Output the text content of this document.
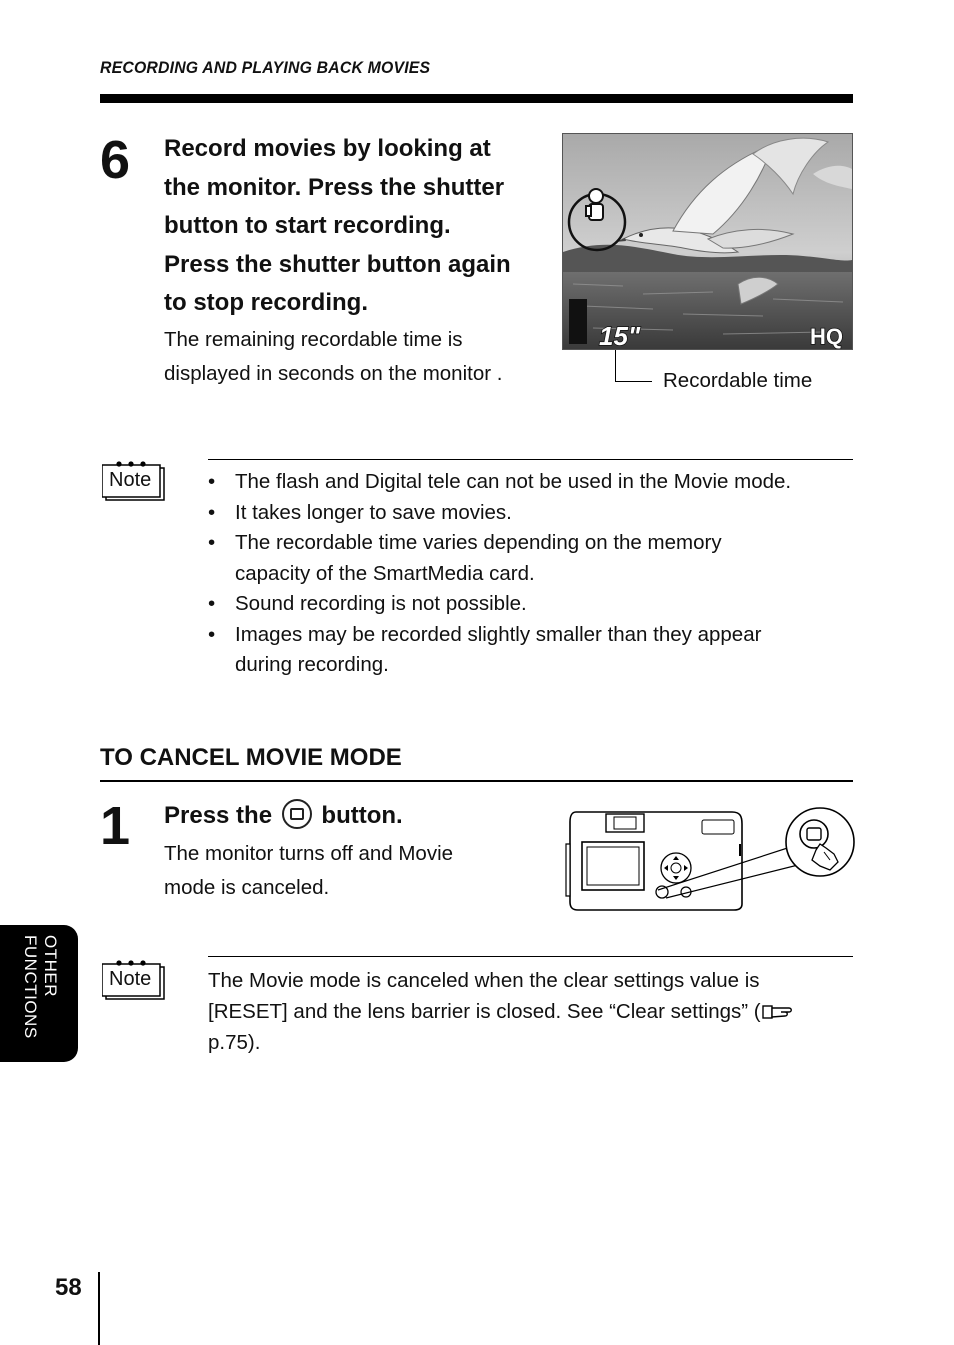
RECORDING AND PLAYING BACK MOVIES
6 Record movies by looking at
the monitor. Press the shutter
button to start recording.
Press the shutter button again
to stop recording.
The remaining recordable time is
displayed in seconds on the monitor .
15"	HQ
Recordable time
Note
•	The flash and Digital tele can not be used in the Movie mode.
• It takes longer to save movies.
• The recordable time varies depending on the memory capacity of the SmartMedia card.
• Sound recording is not possible.
• Images may be recorded slightly smaller than they appear during recording.
TO CANCEL MOVIE MODE
1 Press the button.
The monitor turns off and Movie
mode is canceled.
Note	The Movie mode is canceled when the clear settings value is
[RESET] and the lens barrier is closed. See “Clear settings” (
p.75).
OTHER
FUNCTIONS
58
